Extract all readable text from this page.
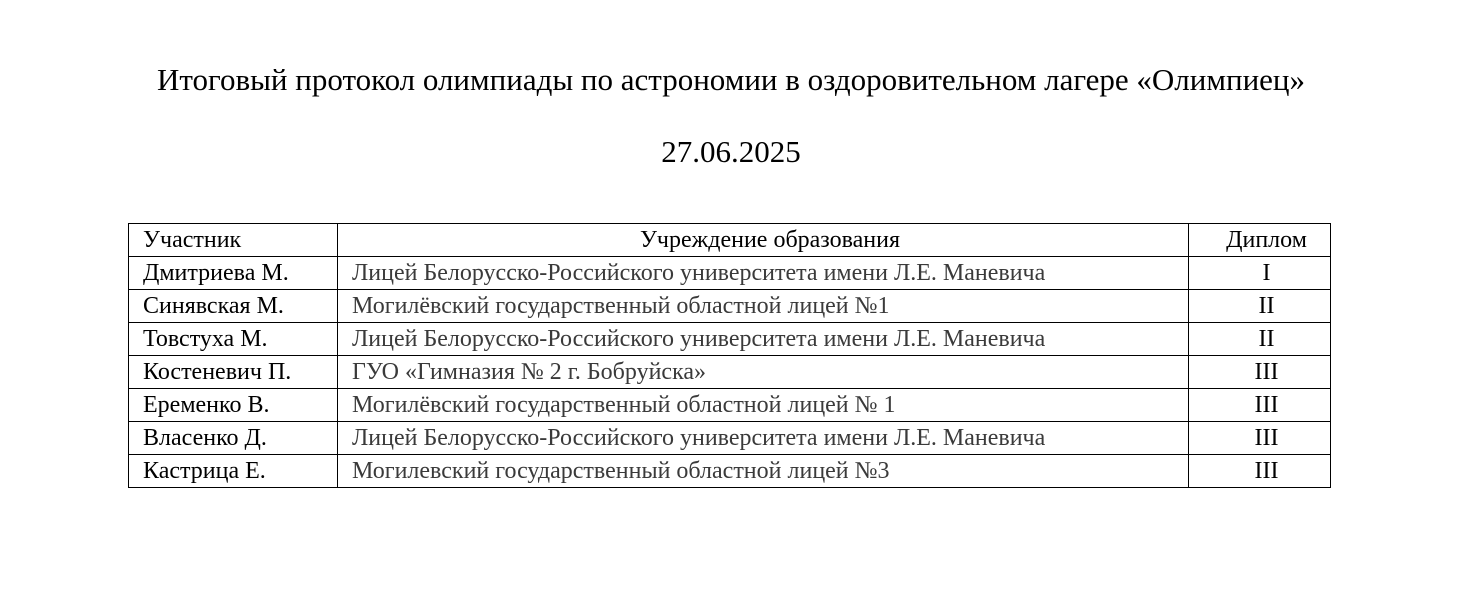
Итоговый протокол олимпиады по астрономии в оздоровительном лагере «Олимпиец»
27.06.2025
Участник	Учреждение образования	Диплом
Дмитриева М.	Лицей Белорусско-Российского университета имени Л.Е. Маневича	I
Синявская М.	Могилёвский государственный областной лицей №1	II
Товстуха М.	Лицей Белорусско-Российского университета имени Л.Е. Маневича	II
Костеневич П.	ГУО «Гимназия № 2 г. Бобруйска»	III
Еременко В.	Могилёвский государственный областной лицей № 1	III
Власенко Д.	Лицей Белорусско-Российского университета имени Л.Е. Маневича	III
Кастрица Е.	Могилевский государственный областной лицей №3	III
